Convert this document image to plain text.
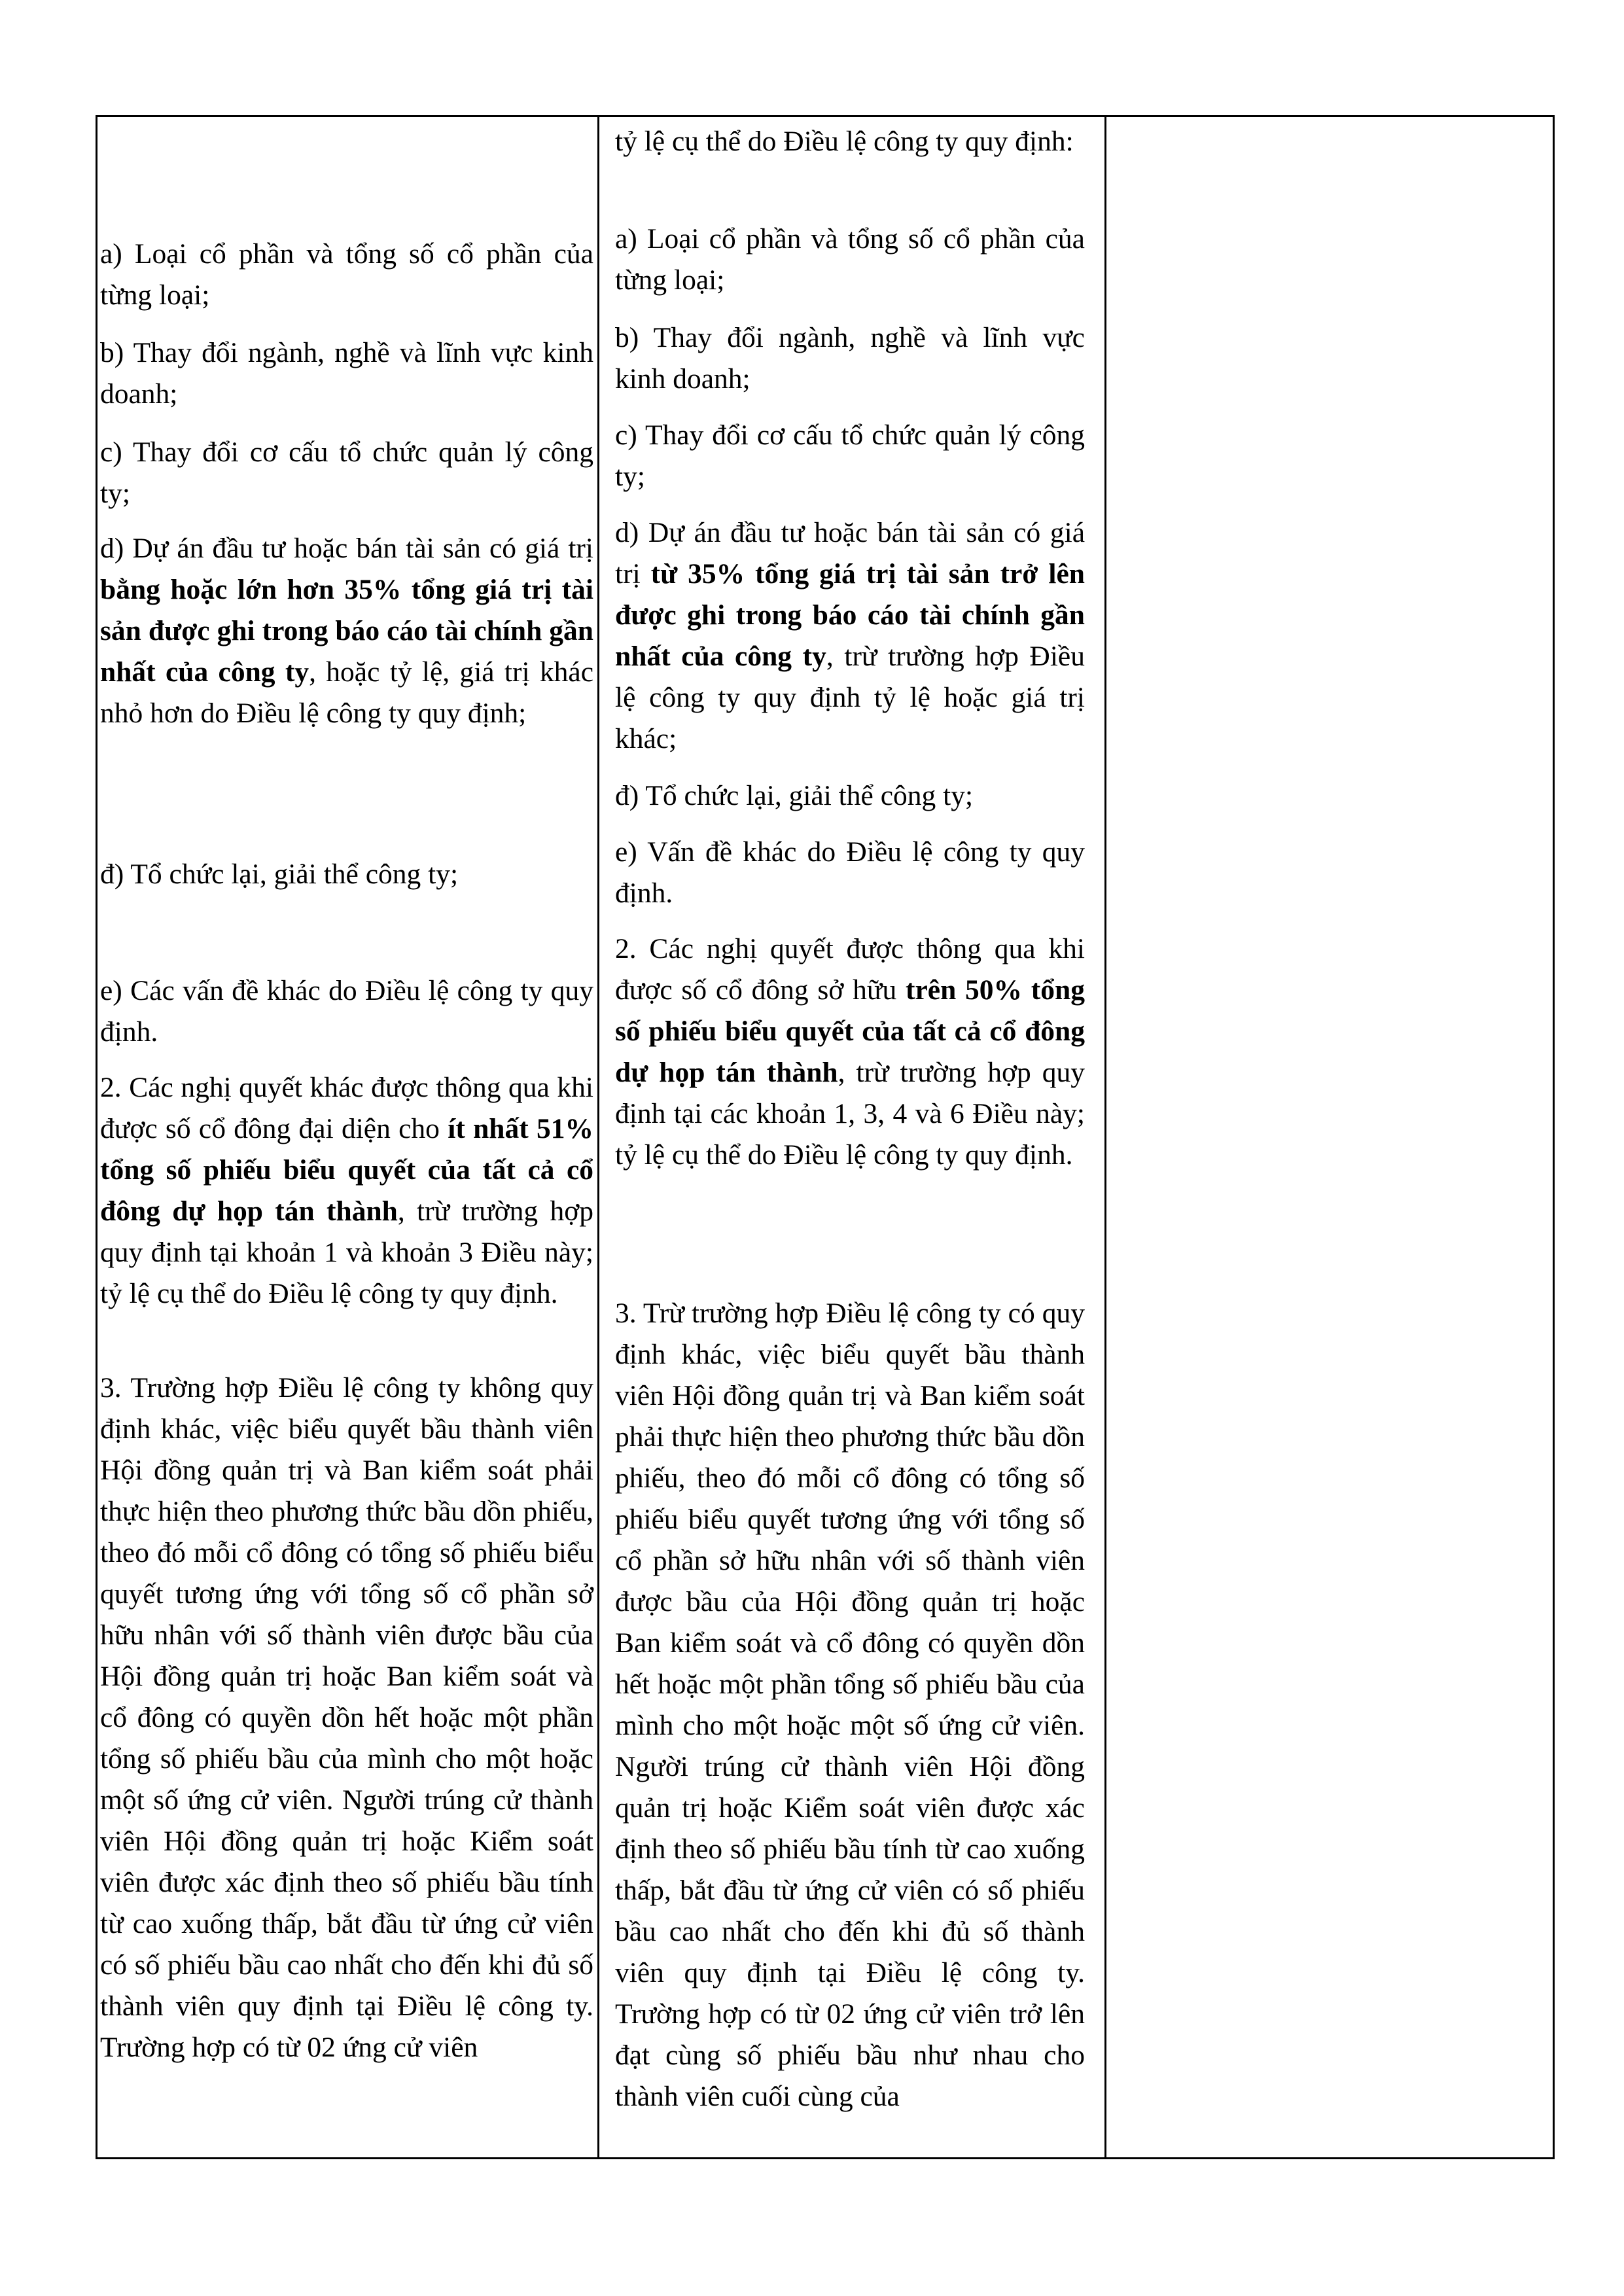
a) Loại cổ phần và tổng số cổ phần của từng loại;

b) Thay đổi ngành, nghề và lĩnh vực kinh doanh;

c) Thay đổi cơ cấu tổ chức quản lý công ty;

d) Dự án đầu tư hoặc bán tài sản có giá trị bằng hoặc lớn hơn 35% tổng giá trị tài sản được ghi trong báo cáo tài chính gần nhất của công ty, hoặc tỷ lệ, giá trị khác nhỏ hơn do Điều lệ công ty quy định;

đ) Tổ chức lại, giải thể công ty;

e) Các vấn đề khác do Điều lệ công ty quy định.

2. Các nghị quyết khác được thông qua khi được số cổ đông đại diện cho ít nhất 51% tổng số phiếu biểu quyết của tất cả cổ đông dự họp tán thành, trừ trường hợp quy định tại khoản 1 và khoản 3 Điều này; tỷ lệ cụ thể do Điều lệ công ty quy định.

3. Trường hợp Điều lệ công ty không quy định khác, việc biểu quyết bầu thành viên Hội đồng quản trị và Ban kiểm soát phải thực hiện theo phương thức bầu dồn phiếu, theo đó mỗi cổ đông có tổng số phiếu biểu quyết tương ứng với tổng số cổ phần sở hữu nhân với số thành viên được bầu của Hội đồng quản trị hoặc Ban kiểm soát và cổ đông có quyền dồn hết hoặc một phần tổng số phiếu bầu của mình cho một hoặc một số ứng cử viên. Người trúng cử thành viên Hội đồng quản trị hoặc Kiểm soát viên được xác định theo số phiếu bầu tính từ cao xuống thấp, bắt đầu từ ứng cử viên có số phiếu bầu cao nhất cho đến khi đủ số thành viên quy định tại Điều lệ công ty. Trường hợp có từ 02 ứng cử viên

tỷ lệ cụ thể do Điều lệ công ty quy định:

a) Loại cổ phần và tổng số cổ phần của từng loại;

b) Thay đổi ngành, nghề và lĩnh vực kinh doanh;

c) Thay đổi cơ cấu tổ chức quản lý công ty;

d) Dự án đầu tư hoặc bán tài sản có giá trị từ 35% tổng giá trị tài sản trở lên được ghi trong báo cáo tài chính gần nhất của công ty, trừ trường hợp Điều lệ công ty quy định tỷ lệ hoặc giá trị khác;

đ) Tổ chức lại, giải thể công ty;

e) Vấn đề khác do Điều lệ công ty quy định.

2. Các nghị quyết được thông qua khi được số cổ đông sở hữu trên 50% tổng số phiếu biểu quyết của tất cả cổ đông dự họp tán thành, trừ trường hợp quy định tại các khoản 1, 3, 4 và 6 Điều này; tỷ lệ cụ thể do Điều lệ công ty quy định.

3. Trừ trường hợp Điều lệ công ty có quy định khác, việc biểu quyết bầu thành viên Hội đồng quản trị và Ban kiểm soát phải thực hiện theo phương thức bầu dồn phiếu, theo đó mỗi cổ đông có tổng số phiếu biểu quyết tương ứng với tổng số cổ phần sở hữu nhân với số thành viên được bầu của Hội đồng quản trị hoặc Ban kiểm soát và cổ đông có quyền dồn hết hoặc một phần tổng số phiếu bầu của mình cho một hoặc một số ứng cử viên. Người trúng cử thành viên Hội đồng quản trị hoặc Kiểm soát viên được xác định theo số phiếu bầu tính từ cao xuống thấp, bắt đầu từ ứng cử viên có số phiếu bầu cao nhất cho đến khi đủ số thành viên quy định tại Điều lệ công ty. Trường hợp có từ 02 ứng cử viên trở lên đạt cùng số phiếu bầu như nhau cho thành viên cuối cùng của
